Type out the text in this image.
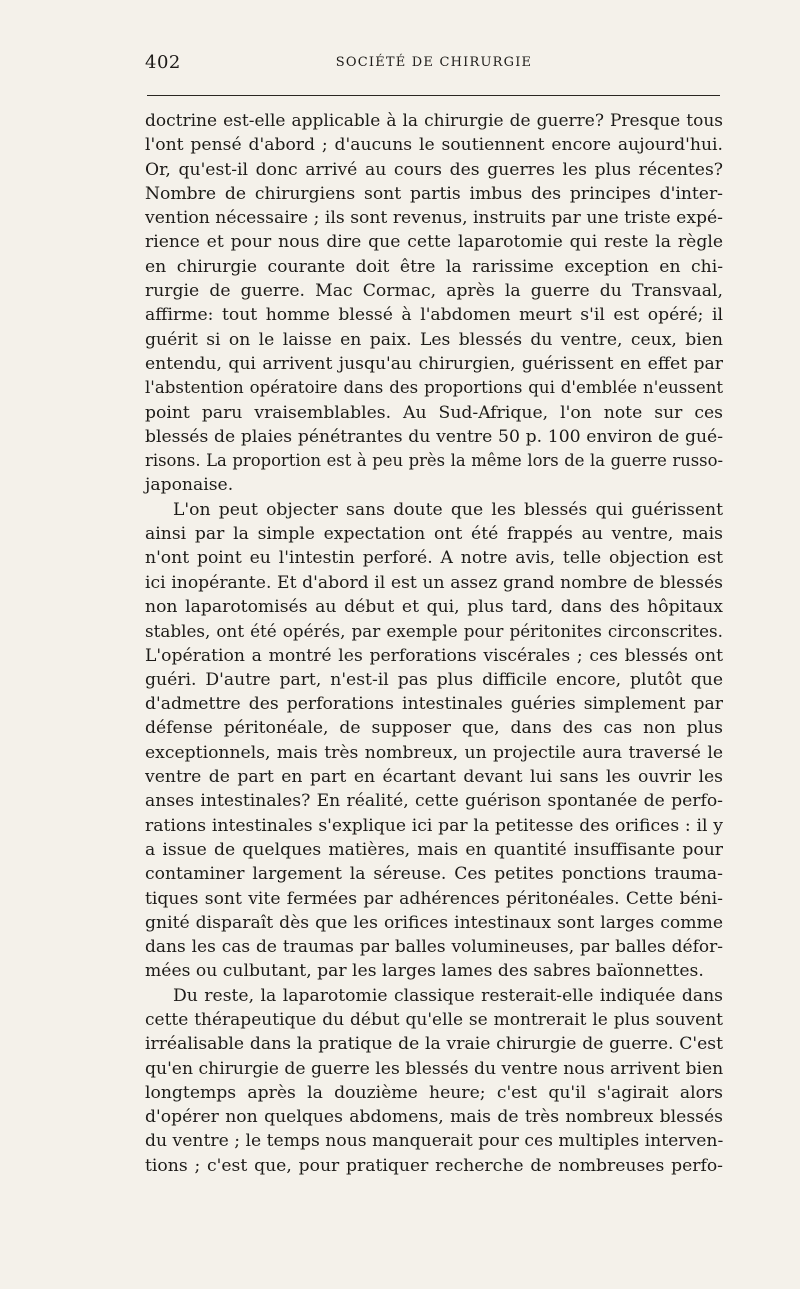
402	SOCIÉTÉ DE CHIRURGIE
doctrine est-elle applicable à la chirurgie de guerre? Presque tous
l'ont pensé d'abord ; d'aucuns le soutiennent encore aujourd'hui.
Or, qu'est-il donc arrivé au cours des guerres les plus récentes?
Nombre de chirurgiens sont partis imbus des principes d'inter-
vention nécessaire ; ils sont revenus, instruits par une triste expé-
rience et pour nous dire que cette laparotomie qui reste la règle
en chirurgie courante doit être la rarissime exception en chi-
rurgie de guerre. Mac Cormac, après la guerre du Transvaal,
affirme: tout homme blessé à l'abdomen meurt s'il est opéré; il
guérit si on le laisse en paix. Les blessés du ventre, ceux, bien
entendu, qui arrivent jusqu'au chirurgien, guérissent en effet par
l'abstention opératoire dans des proportions qui d'emblée n'eussent
point paru vraisemblables. Au Sud-Afrique, l'on note sur ces
blessés de plaies pénétrantes du ventre 50 p. 100 environ de gué-
risons. La proportion est à peu près la même lors de la guerre russo-
japonaise.
L'on peut objecter sans doute que les blessés qui guérissent
ainsi par la simple expectation ont été frappés au ventre, mais
n'ont point eu l'intestin perforé. A notre avis, telle objection est
ici inopérante. Et d'abord il est un assez grand nombre de blessés
non laparotomisés au début et qui, plus tard, dans des hôpitaux
stables, ont été opérés, par exemple pour péritonites circonscrites.
L'opération a montré les perforations viscérales ; ces blessés ont
guéri. D'autre part, n'est-il pas plus difficile encore, plutôt que
d'admettre des perforations intestinales guéries simplement par
défense péritonéale, de supposer que, dans des cas non plus
exceptionnels, mais très nombreux, un projectile aura traversé le
ventre de part en part en écartant devant lui sans les ouvrir les
anses intestinales? En réalité, cette guérison spontanée de perfo-
rations intestinales s'explique ici par la petitesse des orifices : il y
a issue de quelques matières, mais en quantité insuffisante pour
contaminer largement la séreuse. Ces petites ponctions trauma-
tiques sont vite fermées par adhérences péritonéales. Cette béni-
gnité disparaît dès que les orifices intestinaux sont larges comme
dans les cas de traumas par balles volumineuses, par balles défor-
mées ou culbutant, par les larges lames des sabres baïonnettes.
Du reste, la laparotomie classique resterait-elle indiquée dans
cette thérapeutique du début qu'elle se montrerait le plus souvent
irréalisable dans la pratique de la vraie chirurgie de guerre. C'est
qu'en chirurgie de guerre les blessés du ventre nous arrivent bien
longtemps après la douzième heure; c'est qu'il s'agirait alors
d'opérer non quelques abdomens, mais de très nombreux blessés
du ventre ; le temps nous manquerait pour ces multiples interven-
tions ; c'est que, pour pratiquer recherche de nombreuses perfo-
